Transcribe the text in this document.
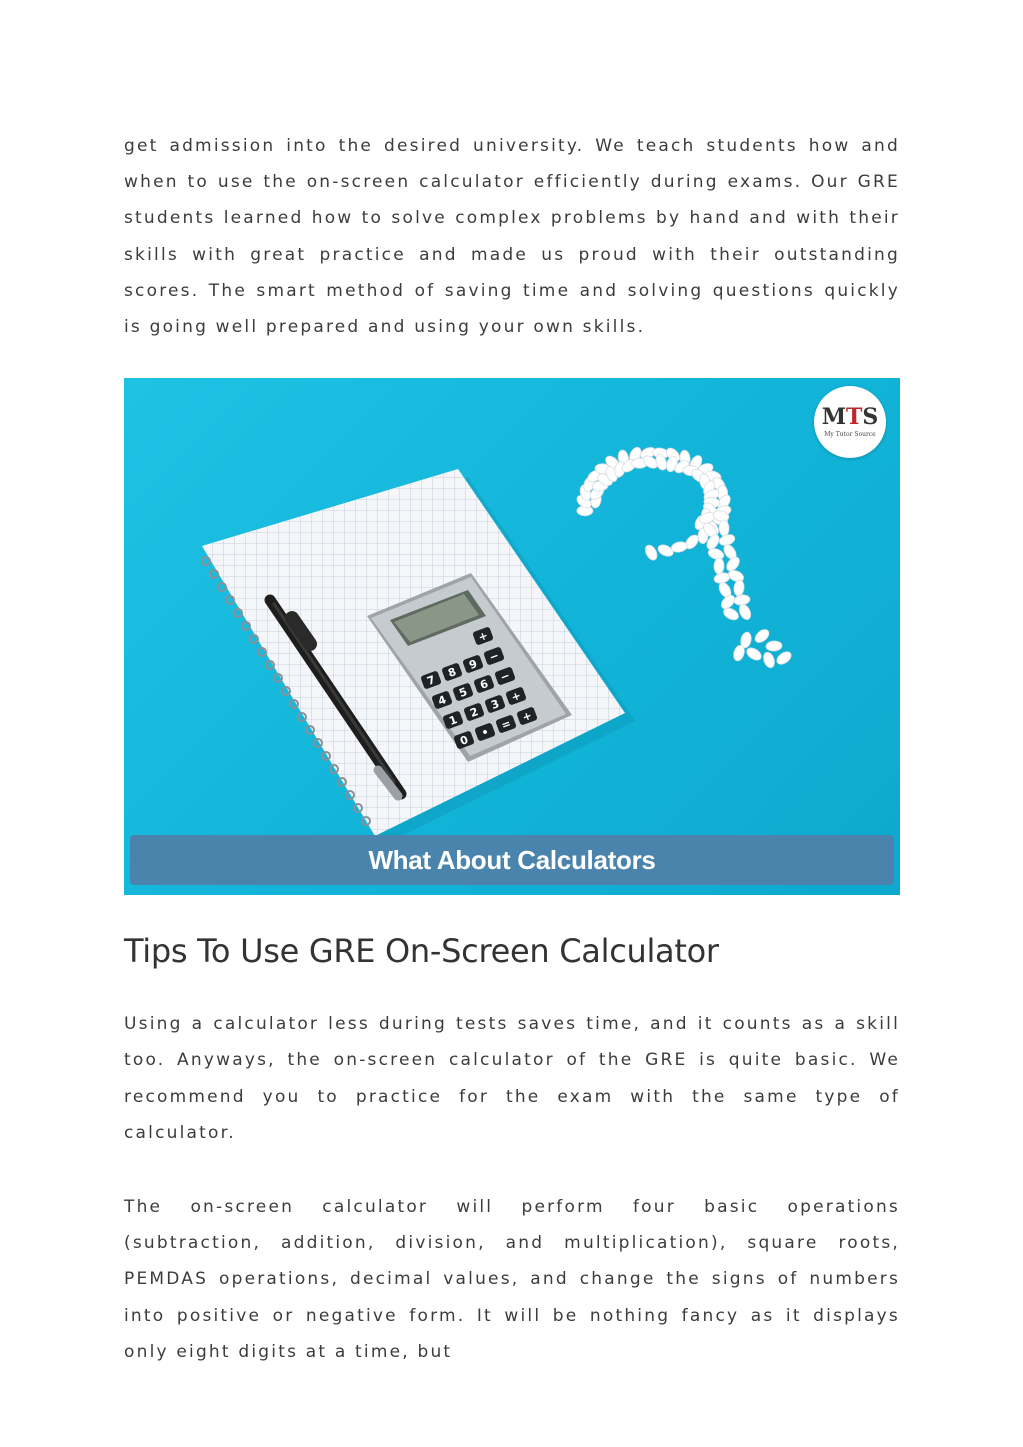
get admission into the desired university. We teach students how and when to use the on-screen calculator efficiently during exams. Our GRE students learned how to solve complex problems by hand and with their skills with great practice and made us proud with their outstanding scores. The smart method of saving time and solving questions quickly is going well prepared and using your own skills.

+
7
8
9
−
4
5
6
−
1
2
3
+
0
•
=
+
MTS
My Tutor Source
What About Calculators
Tips To Use GRE On-Screen Calculator

Using a calculator less during tests saves time, and it counts as a skill too. Anyways, the on-screen calculator of the GRE is quite basic. We recommend you to practice for the exam with the same type of calculator.

The on-screen calculator will perform four basic operations (subtraction, addition, division, and multiplication), square roots, PEMDAS operations, decimal values, and change the signs of numbers into positive or negative form. It will be nothing fancy as it displays only eight digits at a time, but
